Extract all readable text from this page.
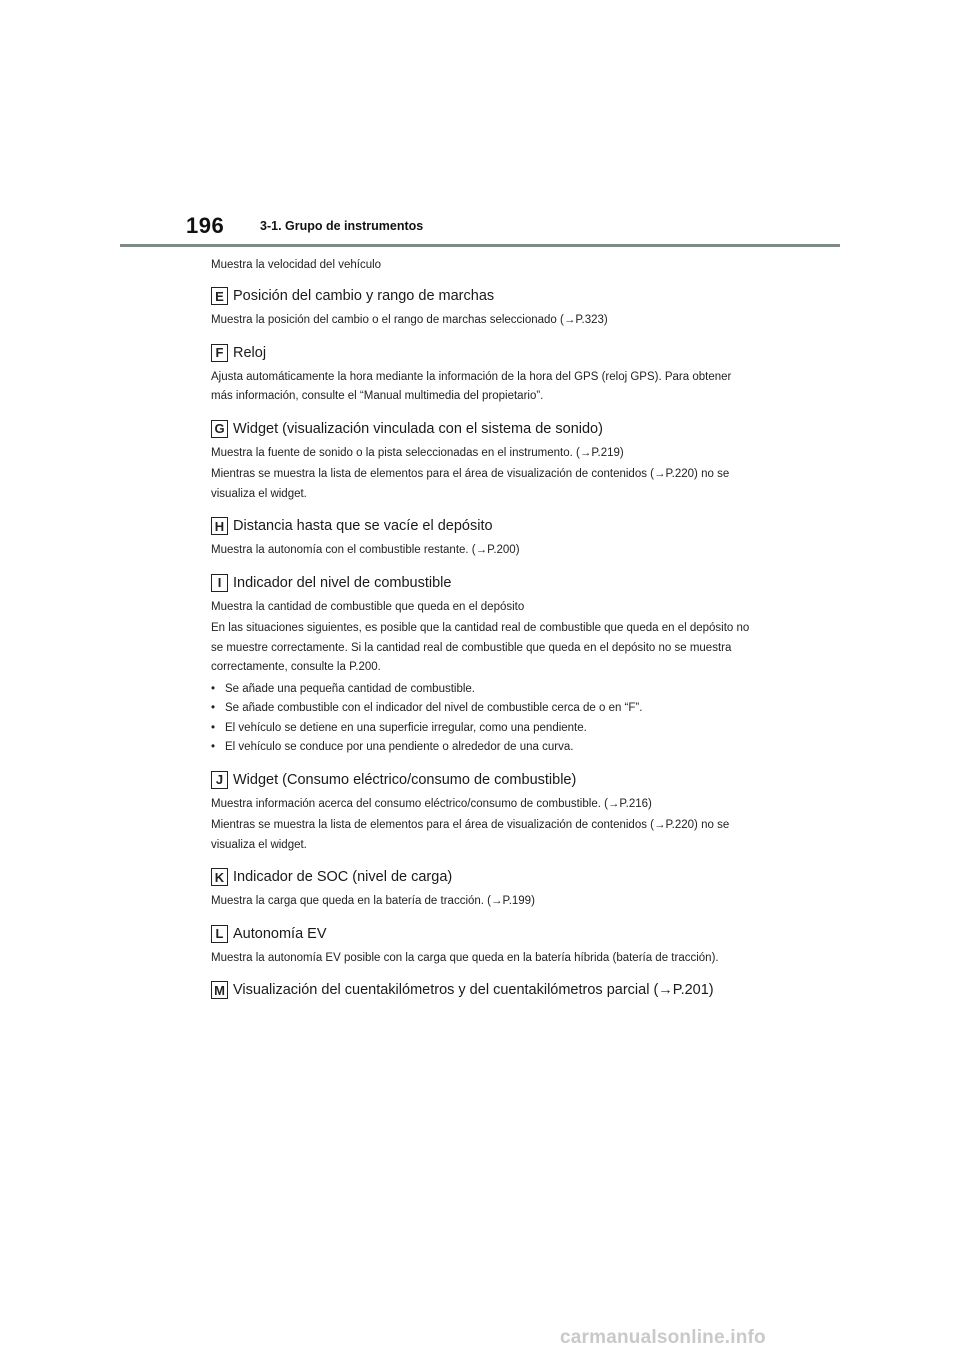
196	3-1. Grupo de instrumentos

Muestra la velocidad del vehículo

E Posición del cambio y rango de marchas

Muestra la posición del cambio o el rango de marchas seleccionado (→P.323)

F Reloj

Ajusta automáticamente la hora mediante la información de la hora del GPS (reloj GPS). Para obtener más información, consulte el “Manual multimedia del propietario”.

G Widget (visualización vinculada con el sistema de sonido)

Muestra la fuente de sonido o la pista seleccionadas en el instrumento. (→P.219)

Mientras se muestra la lista de elementos para el área de visualización de contenidos (→P.220) no se visualiza el widget.

H Distancia hasta que se vacíe el depósito

Muestra la autonomía con el combustible restante. (→P.200)

I Indicador del nivel de combustible

Muestra la cantidad de combustible que queda en el depósito

En las situaciones siguientes, es posible que la cantidad real de combustible que queda en el depósito no se muestre correctamente. Si la cantidad real de combustible que queda en el depósito no se muestra correctamente, consulte la P.200.

• Se añade una pequeña cantidad de combustible.
• Se añade combustible con el indicador del nivel de combustible cerca de o en “F”.
• El vehículo se detiene en una superficie irregular, como una pendiente.
• El vehículo se conduce por una pendiente o alrededor de una curva.
J Widget (Consumo eléctrico/consumo de combustible)

Muestra información acerca del consumo eléctrico/consumo de combustible. (→P.216)

Mientras se muestra la lista de elementos para el área de visualización de contenidos (→P.220) no se visualiza el widget.

K Indicador de SOC (nivel de carga)

Muestra la carga que queda en la batería de tracción. (→P.199)

L Autonomía EV

Muestra la autonomía EV posible con la carga que queda en la batería híbrida (batería de tracción).

M Visualización del cuentakilómetros y del cuentakilómetros parcial (→P.201)
carmanualsonline.info
